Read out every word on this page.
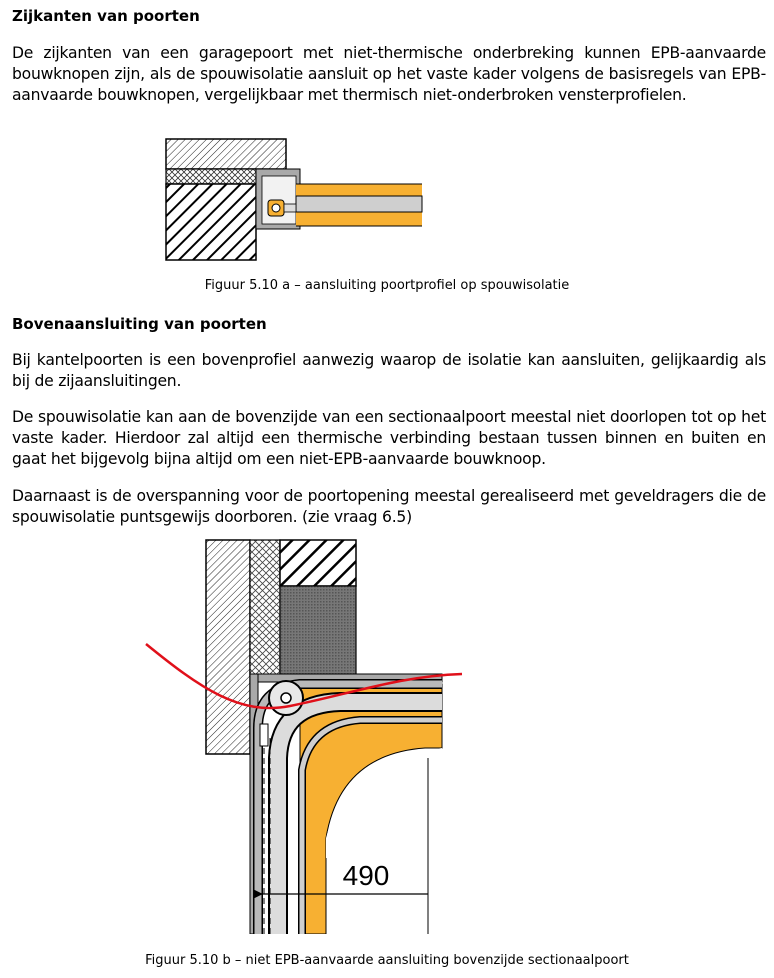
Zijkanten van poorten

De zijkanten van een garagepoort met niet-thermische onderbreking kunnen EPB-aanvaarde bouwknopen zijn, als de spouwisolatie aansluit op het vaste kader volgens de basisregels van EPB-aanvaarde bouwknopen, vergelijkbaar met thermisch niet-onderbroken vensterprofielen.

Figuur 5.10 a – aansluiting poortprofiel op spouwisolatie

Bovenaansluiting van poorten

Bij kantelpoorten is een bovenprofiel aanwezig waarop de isolatie kan aansluiten, gelijkaardig als bij de zijaansluitingen.

De spouwisolatie kan aan de bovenzijde van een sectionaalpoort meestal niet doorlopen tot op het vaste kader. Hierdoor zal altijd een thermische verbinding bestaan tussen binnen en buiten en gaat het bijgevolg bijna altijd om een niet-EPB-aanvaarde bouwknoop.

Daarnaast is de overspanning voor de poortopening meestal gerealiseerd met geveldragers die de spouwisolatie puntsgewijs doorboren. (zie vraag 6.5)

490

Figuur 5.10 b – niet EPB-aanvaarde aansluiting bovenzijde sectionaalpoort
